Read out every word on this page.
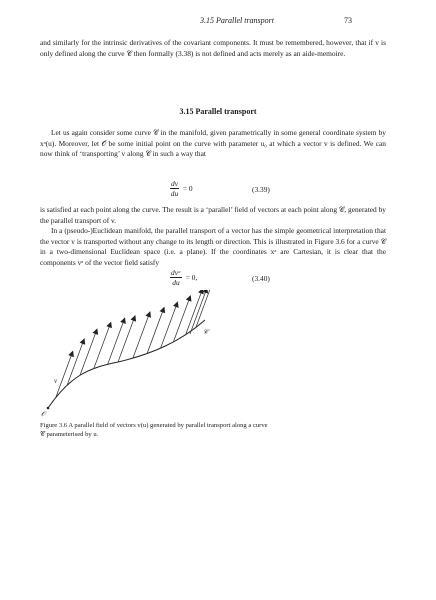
3.15 Parallel transport	73

and similarly for the intrinsic derivatives of the covariant components. It must be remembered, however, that if v is only defined along the curve 𝒞 then formally (3.38) is not defined and acts merely as an aide-memoire.

3.15 Parallel transport

Let us again consider some curve 𝒞 in the manifold, given parametrically in some general coordinate system by xᵃ(u). Moreover, let 𝒪 be some initial point on the curve with parameter u₀ at which a vector v is defined. We can now think of ‘transporting’ v along 𝒞 in such a way that

$\frac{dv}{du} = 0$	(3.39)

is satisfied at each point along the curve. The result is a ‘parallel’ field of vectors at each point along 𝒞, generated by the parallel transport of v.

In a (pseudo-)Euclidean manifold, the parallel transport of a vector has the simple geometrical interpretation that the vector v is transported without any change to its length or direction. This is illustrated in Figure 3.6 for a curve 𝒞 in a two-dimensional Euclidean space (i.e. a plane). If the coordinates xᵃ are Cartesian, it is clear that the components vᵃ of the vector field satisfy

$\frac{\text{dvᵃ}}{du} = 0$,	(3.40)
𝒞
v
𝒪

Figure 3.6 A parallel field of vectors v(u) generated by parallel transport along a curve 𝒞 parameterised by u.
